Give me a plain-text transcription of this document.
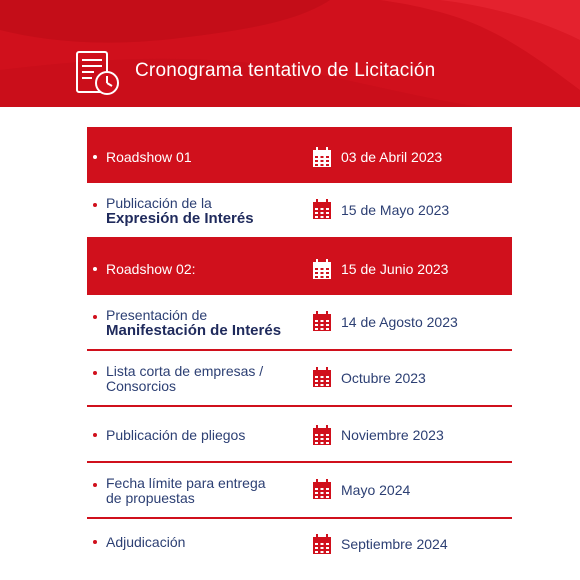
Cronograma tentativo de Licitación
Roadshow 01	03 de Abril 2023
Publicación de la
Expresión de Interés	15 de Mayo 2023
Roadshow 02:	15 de Junio 2023
Presentación de
Manifestación de Interés	14 de Agosto 2023
Lista corta de empresas /
Consorcios	Octubre 2023
Publicación de pliegos	Noviembre 2023
Fecha límite para entrega
de propuestas	Mayo 2024
Adjudicación	Septiembre 2024
